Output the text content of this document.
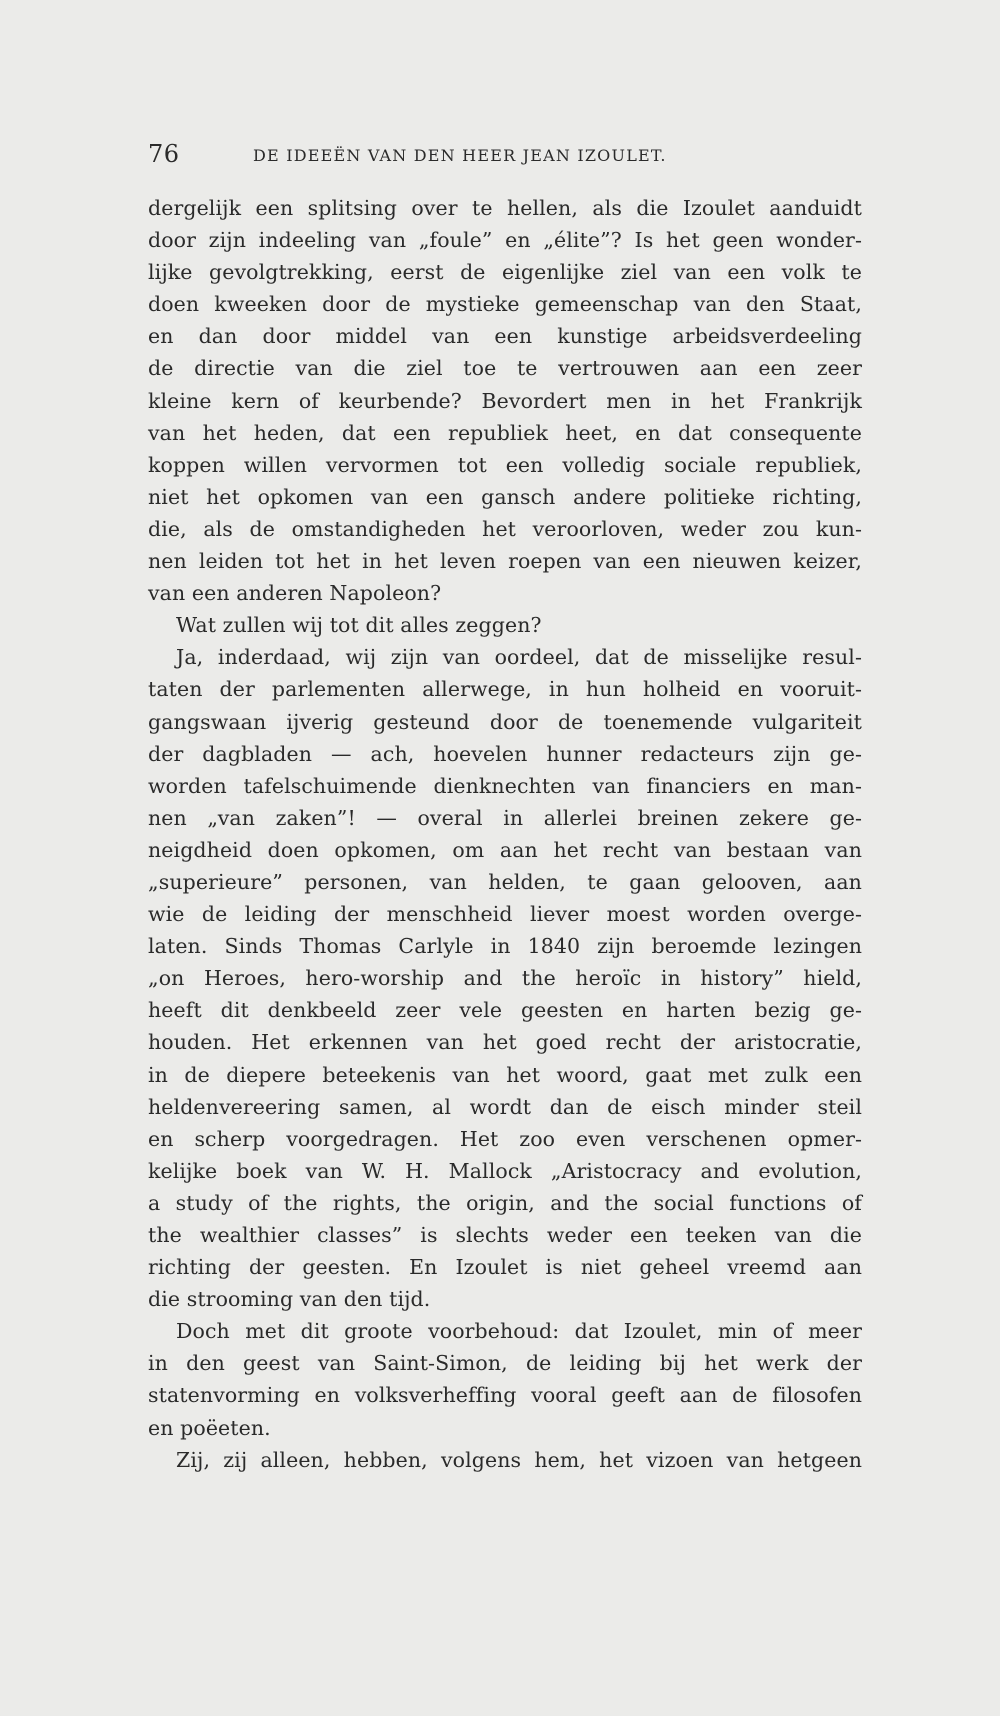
76	DE IDEEËN VAN DEN HEER JEAN IZOULET.
dergelijk een splitsing over te hellen, als die Izoulet aanduidt
door zijn indeeling van „foule” en „élite”? Is het geen wonder-
lijke gevolgtrekking, eerst de eigenlijke ziel van een volk te
doen kweeken door de mystieke gemeenschap van den Staat,
en dan door middel van een kunstige arbeidsverdeeling
de directie van die ziel toe te vertrouwen aan een zeer
kleine kern of keurbende? Bevordert men in het Frankrijk
van het heden, dat een republiek heet, en dat consequente
koppen willen vervormen tot een volledig sociale republiek,
niet het opkomen van een gansch andere politieke richting,
die, als de omstandigheden het veroorloven, weder zou kun-
nen leiden tot het in het leven roepen van een nieuwen keizer,
van een anderen Napoleon?
Wat zullen wij tot dit alles zeggen?
Ja, inderdaad, wij zijn van oordeel, dat de misselijke resul-
taten der parlementen allerwege, in hun holheid en vooruit-
gangswaan ijverig gesteund door de toenemende vulgariteit
der dagbladen — ach, hoevelen hunner redacteurs zijn ge-
worden tafelschuimende dienknechten van financiers en man-
nen „van zaken”! — overal in allerlei breinen zekere ge-
neigdheid doen opkomen, om aan het recht van bestaan van
„superieure” personen, van helden, te gaan gelooven, aan
wie de leiding der menschheid liever moest worden overge-
laten. Sinds Thomas Carlyle in 1840 zijn beroemde lezingen
„on Heroes, hero-worship and the heroïc in history” hield,
heeft dit denkbeeld zeer vele geesten en harten bezig ge-
houden. Het erkennen van het goed recht der aristocratie,
in de diepere beteekenis van het woord, gaat met zulk een
heldenvereering samen, al wordt dan de eisch minder steil
en scherp voorgedragen. Het zoo even verschenen opmer-
kelijke boek van W. H. Mallock „Aristocracy and evolution,
a study of the rights, the origin, and the social functions of
the wealthier classes” is slechts weder een teeken van die
richting der geesten. En Izoulet is niet geheel vreemd aan
die strooming van den tijd.
Doch met dit groote voorbehoud: dat Izoulet, min of meer
in den geest van Saint-Simon, de leiding bij het werk der
statenvorming en volksverheffing vooral geeft aan de filosofen
en poëeten.
Zij, zij alleen, hebben, volgens hem, het vizoen van hetgeen
